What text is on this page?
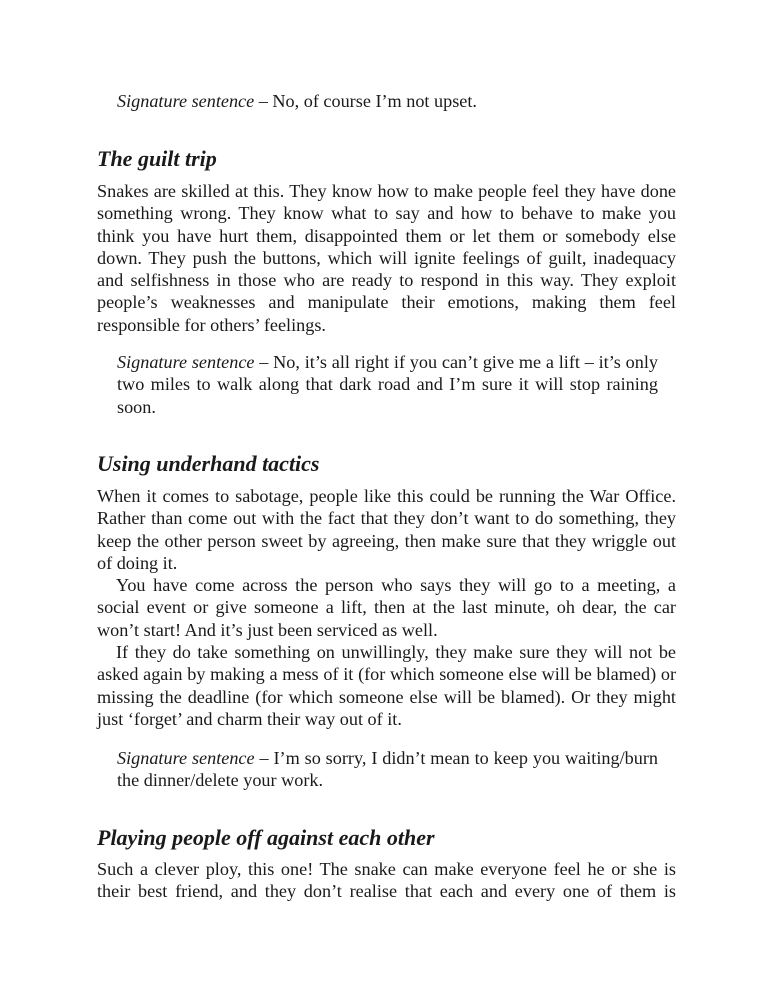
Signature sentence – No, of course I’m not upset.
The guilt trip

Snakes are skilled at this. They know how to make people feel they have done something wrong. They know what to say and how to behave to make you think you have hurt them, disappointed them or let them or somebody else down. They push the buttons, which will ignite feelings of guilt, inadequacy and selfishness in those who are ready to respond in this way. They exploit people’s weaknesses and manipulate their emotions, making them feel responsible for others’ feelings.

Signature sentence – No, it’s all right if you can’t give me a lift – it’s only two miles to walk along that dark road and I’m sure it will stop raining soon.
Using underhand tactics

When it comes to sabotage, people like this could be running the War Office. Rather than come out with the fact that they don’t want to do something, they keep the other person sweet by agreeing, then make sure that they wriggle out of doing it.

You have come across the person who says they will go to a meeting, a social event or give someone a lift, then at the last minute, oh dear, the car won’t start! And it’s just been serviced as well.

If they do take something on unwillingly, they make sure they will not be asked again by making a mess of it (for which someone else will be blamed) or missing the deadline (for which someone else will be blamed). Or they might just ‘forget’ and charm their way out of it.

Signature sentence – I’m so sorry, I didn’t mean to keep you waiting/burn the dinner/delete your work.
Playing people off against each other

Such a clever ploy, this one! The snake can make everyone feel he or she is their best friend, and they don’t realise that each and every one of them is
